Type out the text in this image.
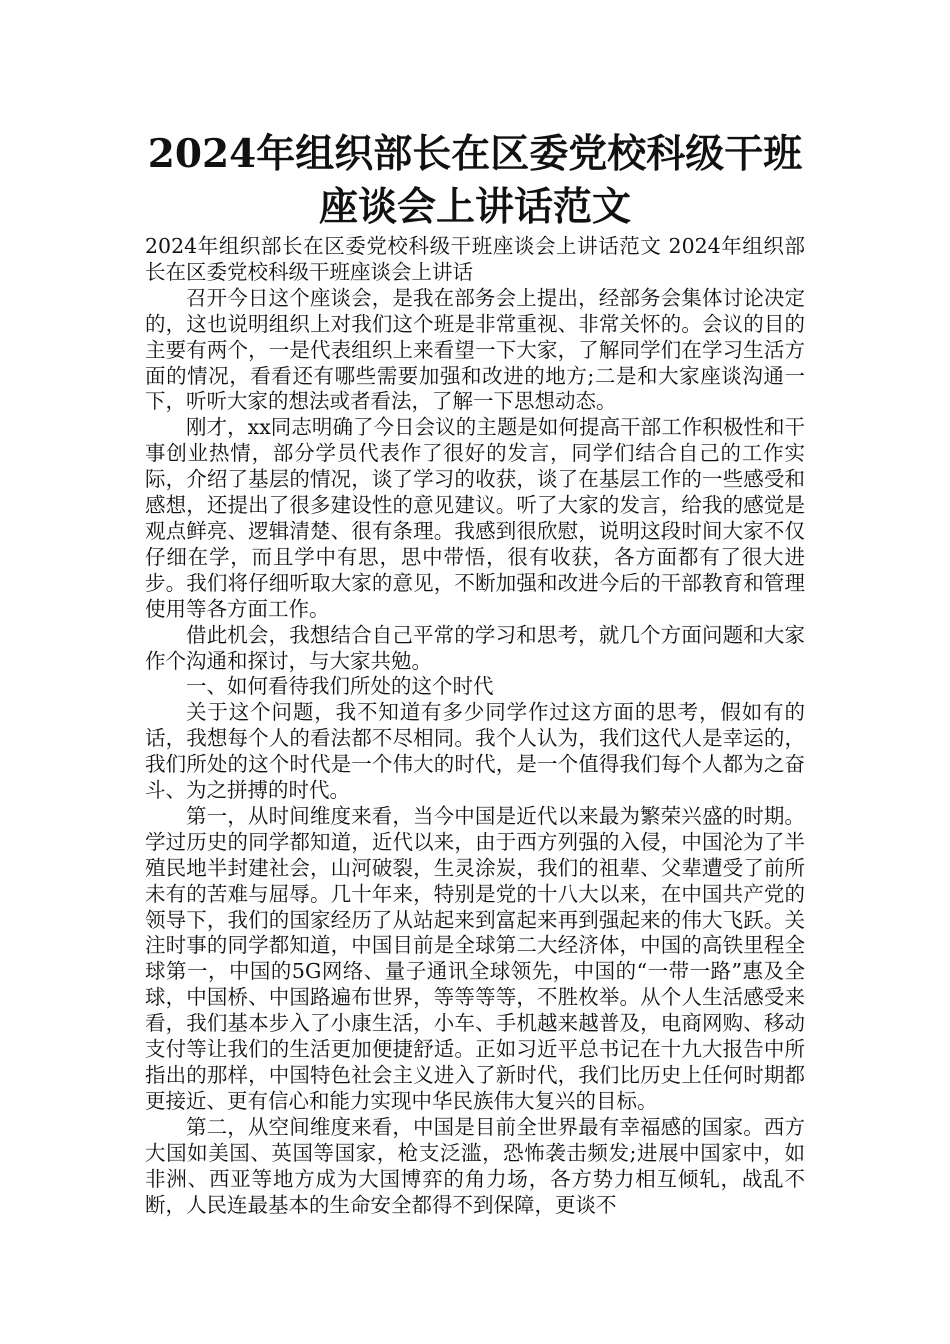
2024年组织部长在区委党校科级干班座谈会上讲话范文

2024年组织部长在区委党校科级干班座谈会上讲话范文 2024年组织部长在区委党校科级干班座谈会上讲话

召开今日这个座谈会，是我在部务会上提出，经部务会集体讨论决定的，这也说明组织上对我们这个班是非常重视、非常关怀的。会议的目的主要有两个，一是代表组织上来看望一下大家，了解同学们在学习生活方面的情况，看看还有哪些需要加强和改进的地方;二是和大家座谈沟通一下，听听大家的想法或者看法，了解一下思想动态。

刚才，xx同志明确了今日会议的主题是如何提高干部工作积极性和干事创业热情，部分学员代表作了很好的发言，同学们结合自己的工作实际，介绍了基层的情况，谈了学习的收获，谈了在基层工作的一些感受和感想，还提出了很多建设性的意见建议。听了大家的发言，给我的感觉是观点鲜亮、逻辑清楚、很有条理。我感到很欣慰，说明这段时间大家不仅仔细在学，而且学中有思，思中带悟，很有收获，各方面都有了很大进步。我们将仔细听取大家的意见，不断加强和改进今后的干部教育和管理使用等各方面工作。

借此机会，我想结合自己平常的学习和思考，就几个方面问题和大家作个沟通和探讨，与大家共勉。

一、如何看待我们所处的这个时代

关于这个问题，我不知道有多少同学作过这方面的思考，假如有的话，我想每个人的看法都不尽相同。我个人认为，我们这代人是幸运的，我们所处的这个时代是一个伟大的时代，是一个值得我们每个人都为之奋斗、为之拼搏的时代。

第一，从时间维度来看，当今中国是近代以来最为繁荣兴盛的时期。学过历史的同学都知道，近代以来，由于西方列强的入侵，中国沦为了半殖民地半封建社会，山河破裂，生灵涂炭，我们的祖辈、父辈遭受了前所未有的苦难与屈辱。几十年来，特别是党的十八大以来，在中国共产党的领导下，我们的国家经历了从站起来到富起来再到强起来的伟大飞跃。关注时事的同学都知道，中国目前是全球第二大经济体，中国的高铁里程全球第一，中国的5G网络、量子通讯全球领先，中国的“一带一路”惠及全球，中国桥、中国路遍布世界，等等等等，不胜枚举。从个人生活感受来看，我们基本步入了小康生活，小车、手机越来越普及，电商网购、移动支付等让我们的生活更加便捷舒适。正如习近平总书记在十九大报告中所指出的那样，中国特色社会主义进入了新时代，我们比历史上任何时期都更接近、更有信心和能力实现中华民族伟大复兴的目标。

第二，从空间维度来看，中国是目前全世界最有幸福感的国家。西方大国如美国、英国等国家，枪支泛滥，恐怖袭击频发;进展中国家中，如非洲、西亚等地方成为大国博弈的角力场，各方势力相互倾轧，战乱不断，人民连最基本的生命安全都得不到保障，更谈不
